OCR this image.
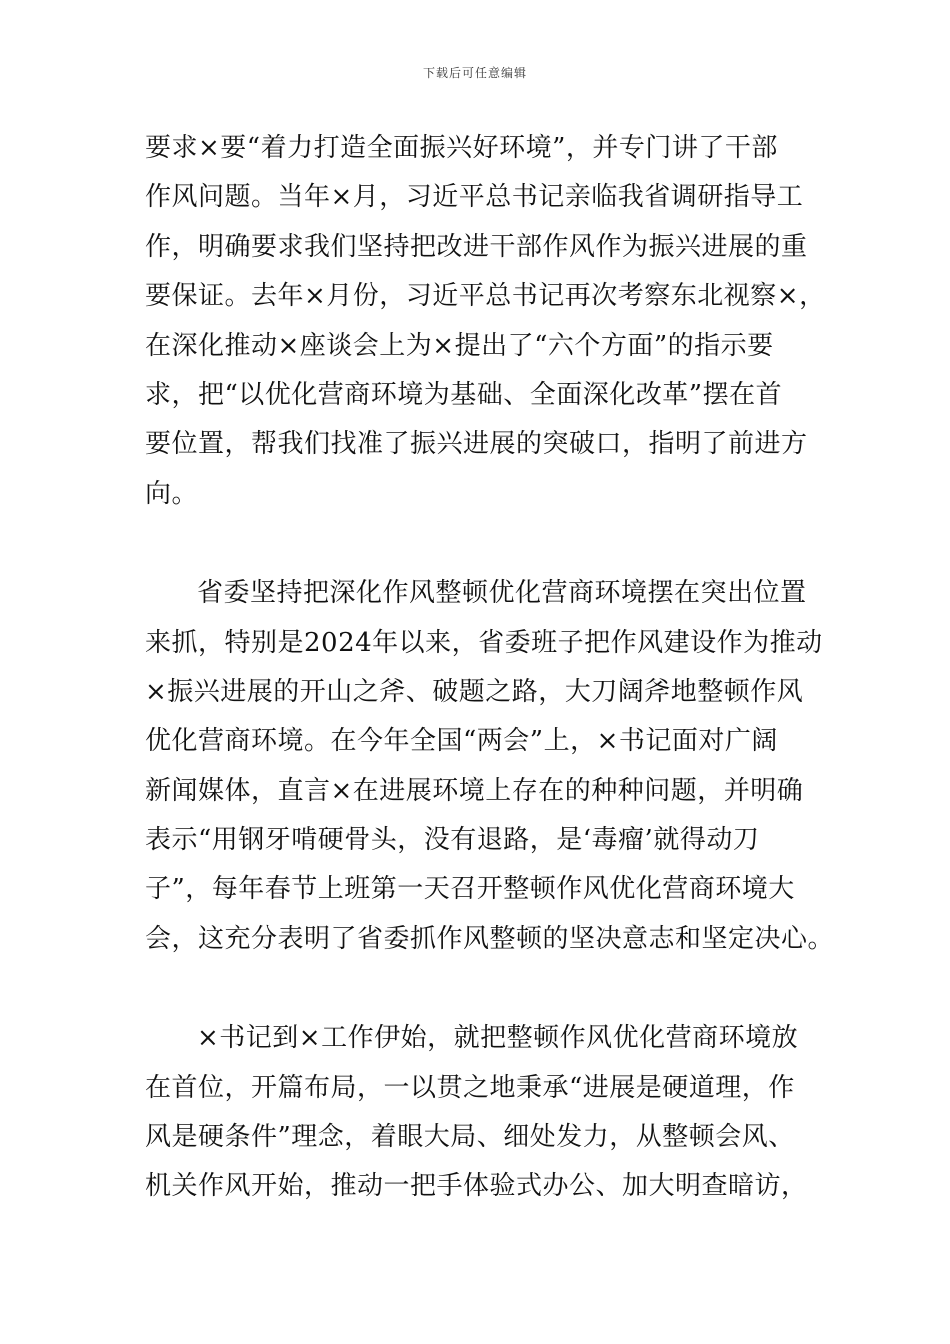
下载后可任意编辑
要求×要“着力打造全面振兴好环境”，并专门讲了干部
作风问题。当年×月，习近平总书记亲临我省调研指导工
作，明确要求我们坚持把改进干部作风作为振兴进展的重
要保证。去年×月份，习近平总书记再次考察东北视察×，
在深化推动×座谈会上为×提出了“六个方面”的指示要
求，把“以优化营商环境为基础、全面深化改革”摆在首
要位置，帮我们找准了振兴进展的突破口，指明了前进方
向。
省委坚持把深化作风整顿优化营商环境摆在突出位置
来抓，特别是2024年以来，省委班子把作风建设作为推动
×振兴进展的开山之斧、破题之路，大刀阔斧地整顿作风
优化营商环境。在今年全国“两会”上，×书记面对广阔
新闻媒体，直言×在进展环境上存在的种种问题，并明确
表示“用钢牙啃硬骨头，没有退路，是‘毒瘤’就得动刀
子”，每年春节上班第一天召开整顿作风优化营商环境大
会，这充分表明了省委抓作风整顿的坚决意志和坚定决心。
×书记到×工作伊始，就把整顿作风优化营商环境放
在首位，开篇布局，一以贯之地秉承“进展是硬道理，作
风是硬条件”理念，着眼大局、细处发力，从整顿会风、
机关作风开始，推动一把手体验式办公、加大明查暗访，
